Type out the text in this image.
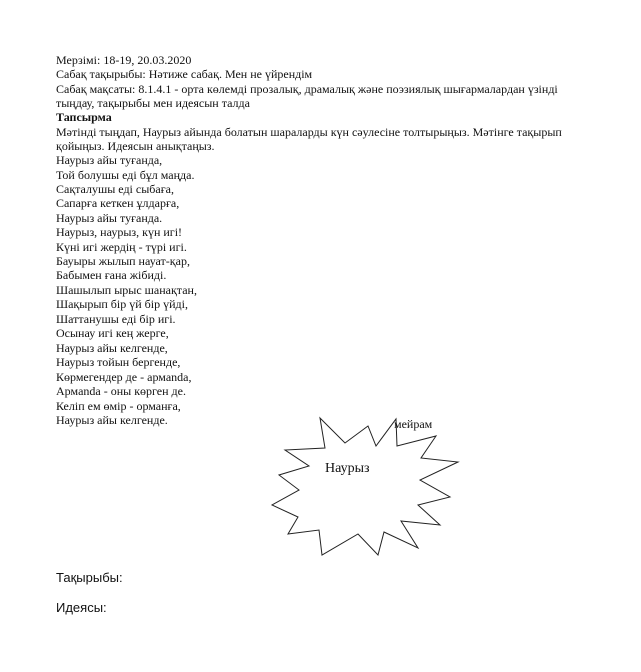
Мерзімі: 18-19, 20.03.2020
Сабақ тақырыбы: Нәтиже сабақ. Мен не үйрендім
Сабақ мақсаты: 8.1.4.1 - орта көлемді прозалық, драмалық және поэзиялық шығармалардан үзінді
тыңдау, тақырыбы мен идеясын талда
Тапсырма
Мәтінді тыңдап, Наурыз айында болатын шараларды күн сәулесіне толтырыңыз. Мәтінге тақырып
қойыңыз. Идеясын анықтаңыз.
Наурыз айы туғанда,
Той болушы еді бұл маңда.
Сақталушы еді сыбаға,
Сапарға кеткен ұлдарға,
Наурыз айы туғанда.
Наурыз, наурыз, күн игі!
Күні игі жердің - түрі игі.
Бауыры жылып науат-қар,
Бабымен ғана жібиді.
Шашылып ырыс шанақтан,
Шақырып бір үй бір үйді,
Шаттанушы еді бір игі.
Осынау игі кең жерге,
Наурыз айы келгенде,
Наурыз тойын бергенде,
Көрмегендер де - армanda,
Армanda - оны көрген де.
Келіп ем өмір - орманға,
Наурыз айы келгенде.
Наурыз
мейрам
Тақырыбы:
Идеясы:
